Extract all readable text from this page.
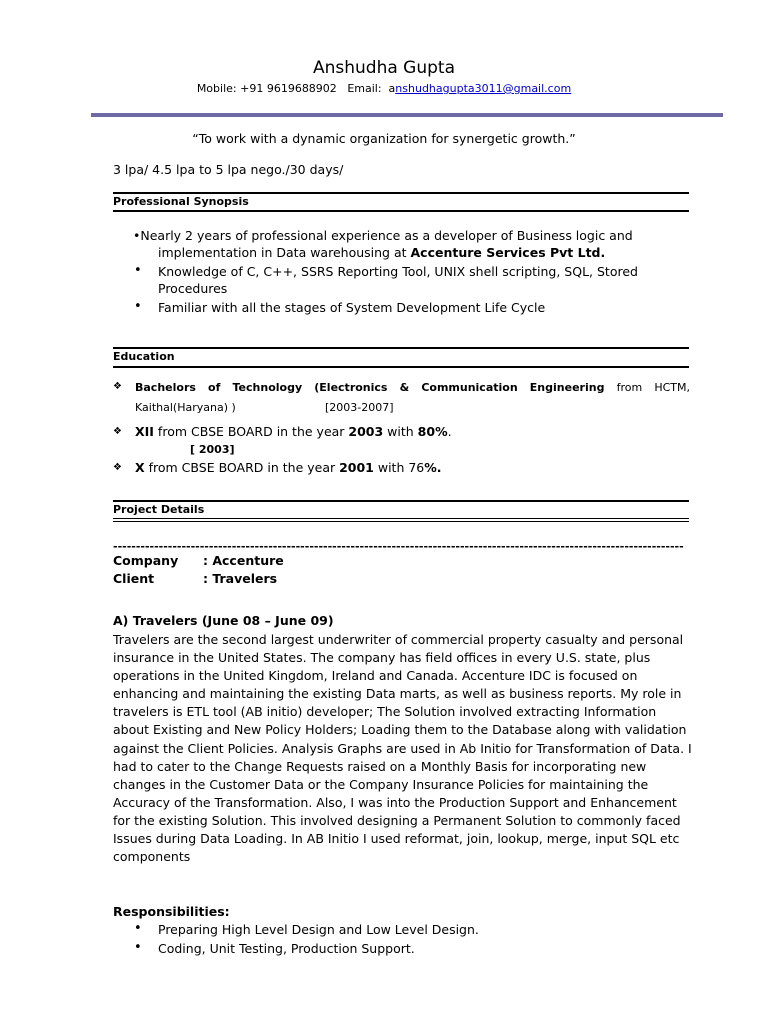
Anshudha Gupta
Mobile: +91 9619688902 Email: anshudhagupta3011@gmail.com
“To work with a dynamic organization for synergetic growth.”
3 lpa/ 4.5 lpa to 5 lpa nego./30 days/
Professional Synopsis
•Nearly 2 years of professional experience as a developer of Business logic and
implementation in Data warehousing at Accenture Services Pvt Ltd.
• Knowledge of C, C++, SSRS Reporting Tool, UNIX shell scripting, SQL, Stored
Procedures
• Familiar with all the stages of System Development Life Cycle
Education
❖ Bachelors of Technology (Electronics & Communication Engineering from HCTM,
Kaithal(Haryana) )	[2003-2007]
❖ XII from CBSE BOARD in the year 2003 with 80%.
[ 2003]
❖ X from CBSE BOARD in the year 2001 with 76%.
Project Details
-----------------------------------------------------------------------------------------------------------------------------
Company : Accenture
Client	: Travelers
A) Travelers (June 08 – June 09)
Travelers are the second largest underwriter of commercial property casualty and personal insurance in the United States. The company has field offices in every U.S. state, plus operations in the United Kingdom, Ireland and Canada. Accenture IDC is focused on enhancing and maintaining the existing Data marts, as well as business reports. My role in travelers is ETL tool (AB initio) developer; The Solution involved extracting Information about Existing and New Policy Holders; Loading them to the Database along with validation against the Client Policies. Analysis Graphs are used in Ab Initio for Transformation of Data. I had to cater to the Change Requests raised on a Monthly Basis for incorporating new changes in the Customer Data or the Company Insurance Policies for maintaining the Accuracy of the Transformation. Also, I was into the Production Support and Enhancement for the existing Solution. This involved designing a Permanent Solution to commonly faced Issues during Data Loading. In AB Initio I used reformat, join, lookup, merge, input SQL etc components
Responsibilities:
• Preparing High Level Design and Low Level Design.
• Coding, Unit Testing, Production Support.
